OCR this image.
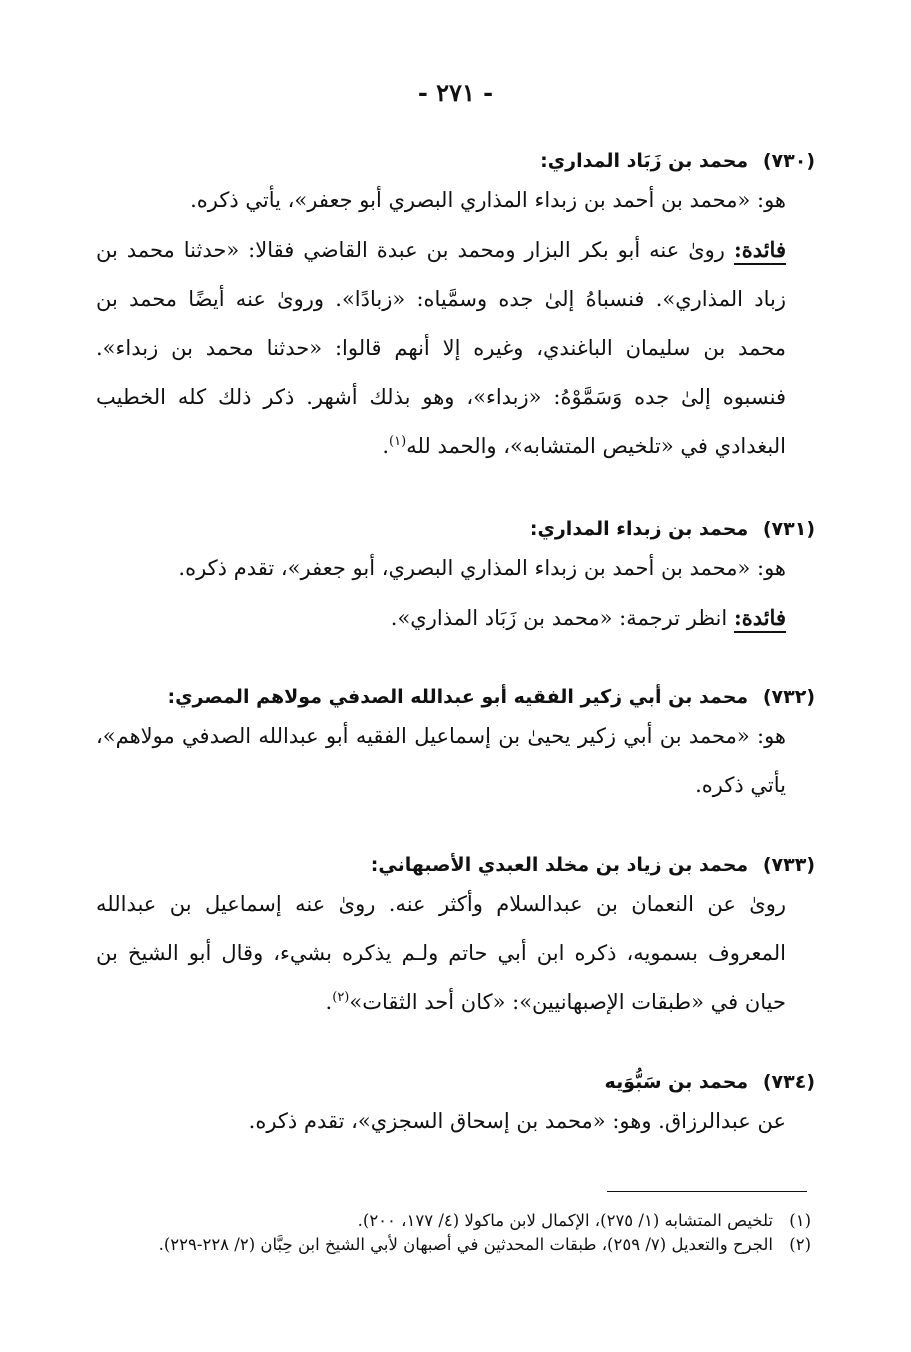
- ٢٧١ -
(٧٣٠) محمد بن زَبَاد المداري:

هو: «محمد بن أحمد بن زبداء المذاري البصري أبو جعفر»، يأتي ذكره.

فائدة: رویٰ عنه أبو بكر البزار ومحمد بن عبدة القاضي فقالا: «حدثنا محمد بن زباد المذاري». فنسباهُ إلىٰ جده وسمَّياه: «زبادًا». وروىٰ عنه أيضًا محمد بن محمد بن سليمان الباغندي، وغيره إلا أنهم قالوا: «حدثنا محمد بن زبداء». فنسبوه إلىٰ جده وَسَمَّوْهُ: «زبداء»، وهو بذلك أشهر. ذكر ذلك كله الخطيب البغدادي في «تلخيص المتشابه»، والحمد لله$^{(١)}$.

(٧٣١) محمد بن زبداء المداري:

هو: «محمد بن أحمد بن زبداء المذاري البصري، أبو جعفر»، تقدم ذكره.

فائدة: انظر ترجمة: «محمد بن زَبَاد المذاري».

(٧٣٢) محمد بن أبي زكير الفقيه أبو عبدالله الصدفي مولاهم المصري:

هو: «محمد بن أبي زكير يحيىٰ بن إسماعيل الفقيه أبو عبدالله الصدفي مولاهم»، يأتي ذكره.

(٧٣٣) محمد بن زياد بن مخلد العبدي الأصبهاني:

رویٰ عن النعمان بن عبدالسلام وأكثر عنه. رویٰ عنه إسماعيل بن عبدالله المعروف بسمويه، ذكره ابن أبي حاتم ولـم يذكره بشيء، وقال أبو الشيخ بن حيان في «طبقات الإصبهانيين»: «كان أحد الثقات»$^{(٢)}$.

(٧٣٤) محمد بن سَبُّوَيه

عن عبدالرزاق. وهو: «محمد بن إسحاق السجزي»، تقدم ذكره.

(١)
تلخيص المتشابه (١/ ٢٧٥)، الإكمال لابن ماكولا (٤/ ١٧٧، ٢٠٠).
(٢)
الجرح والتعديل (٧/ ٢٥٩)، طبقات المحدثين في أصبهان لأبي الشيخ ابن حِبَّان (٢/ ٢٢٨-٢٢٩).
